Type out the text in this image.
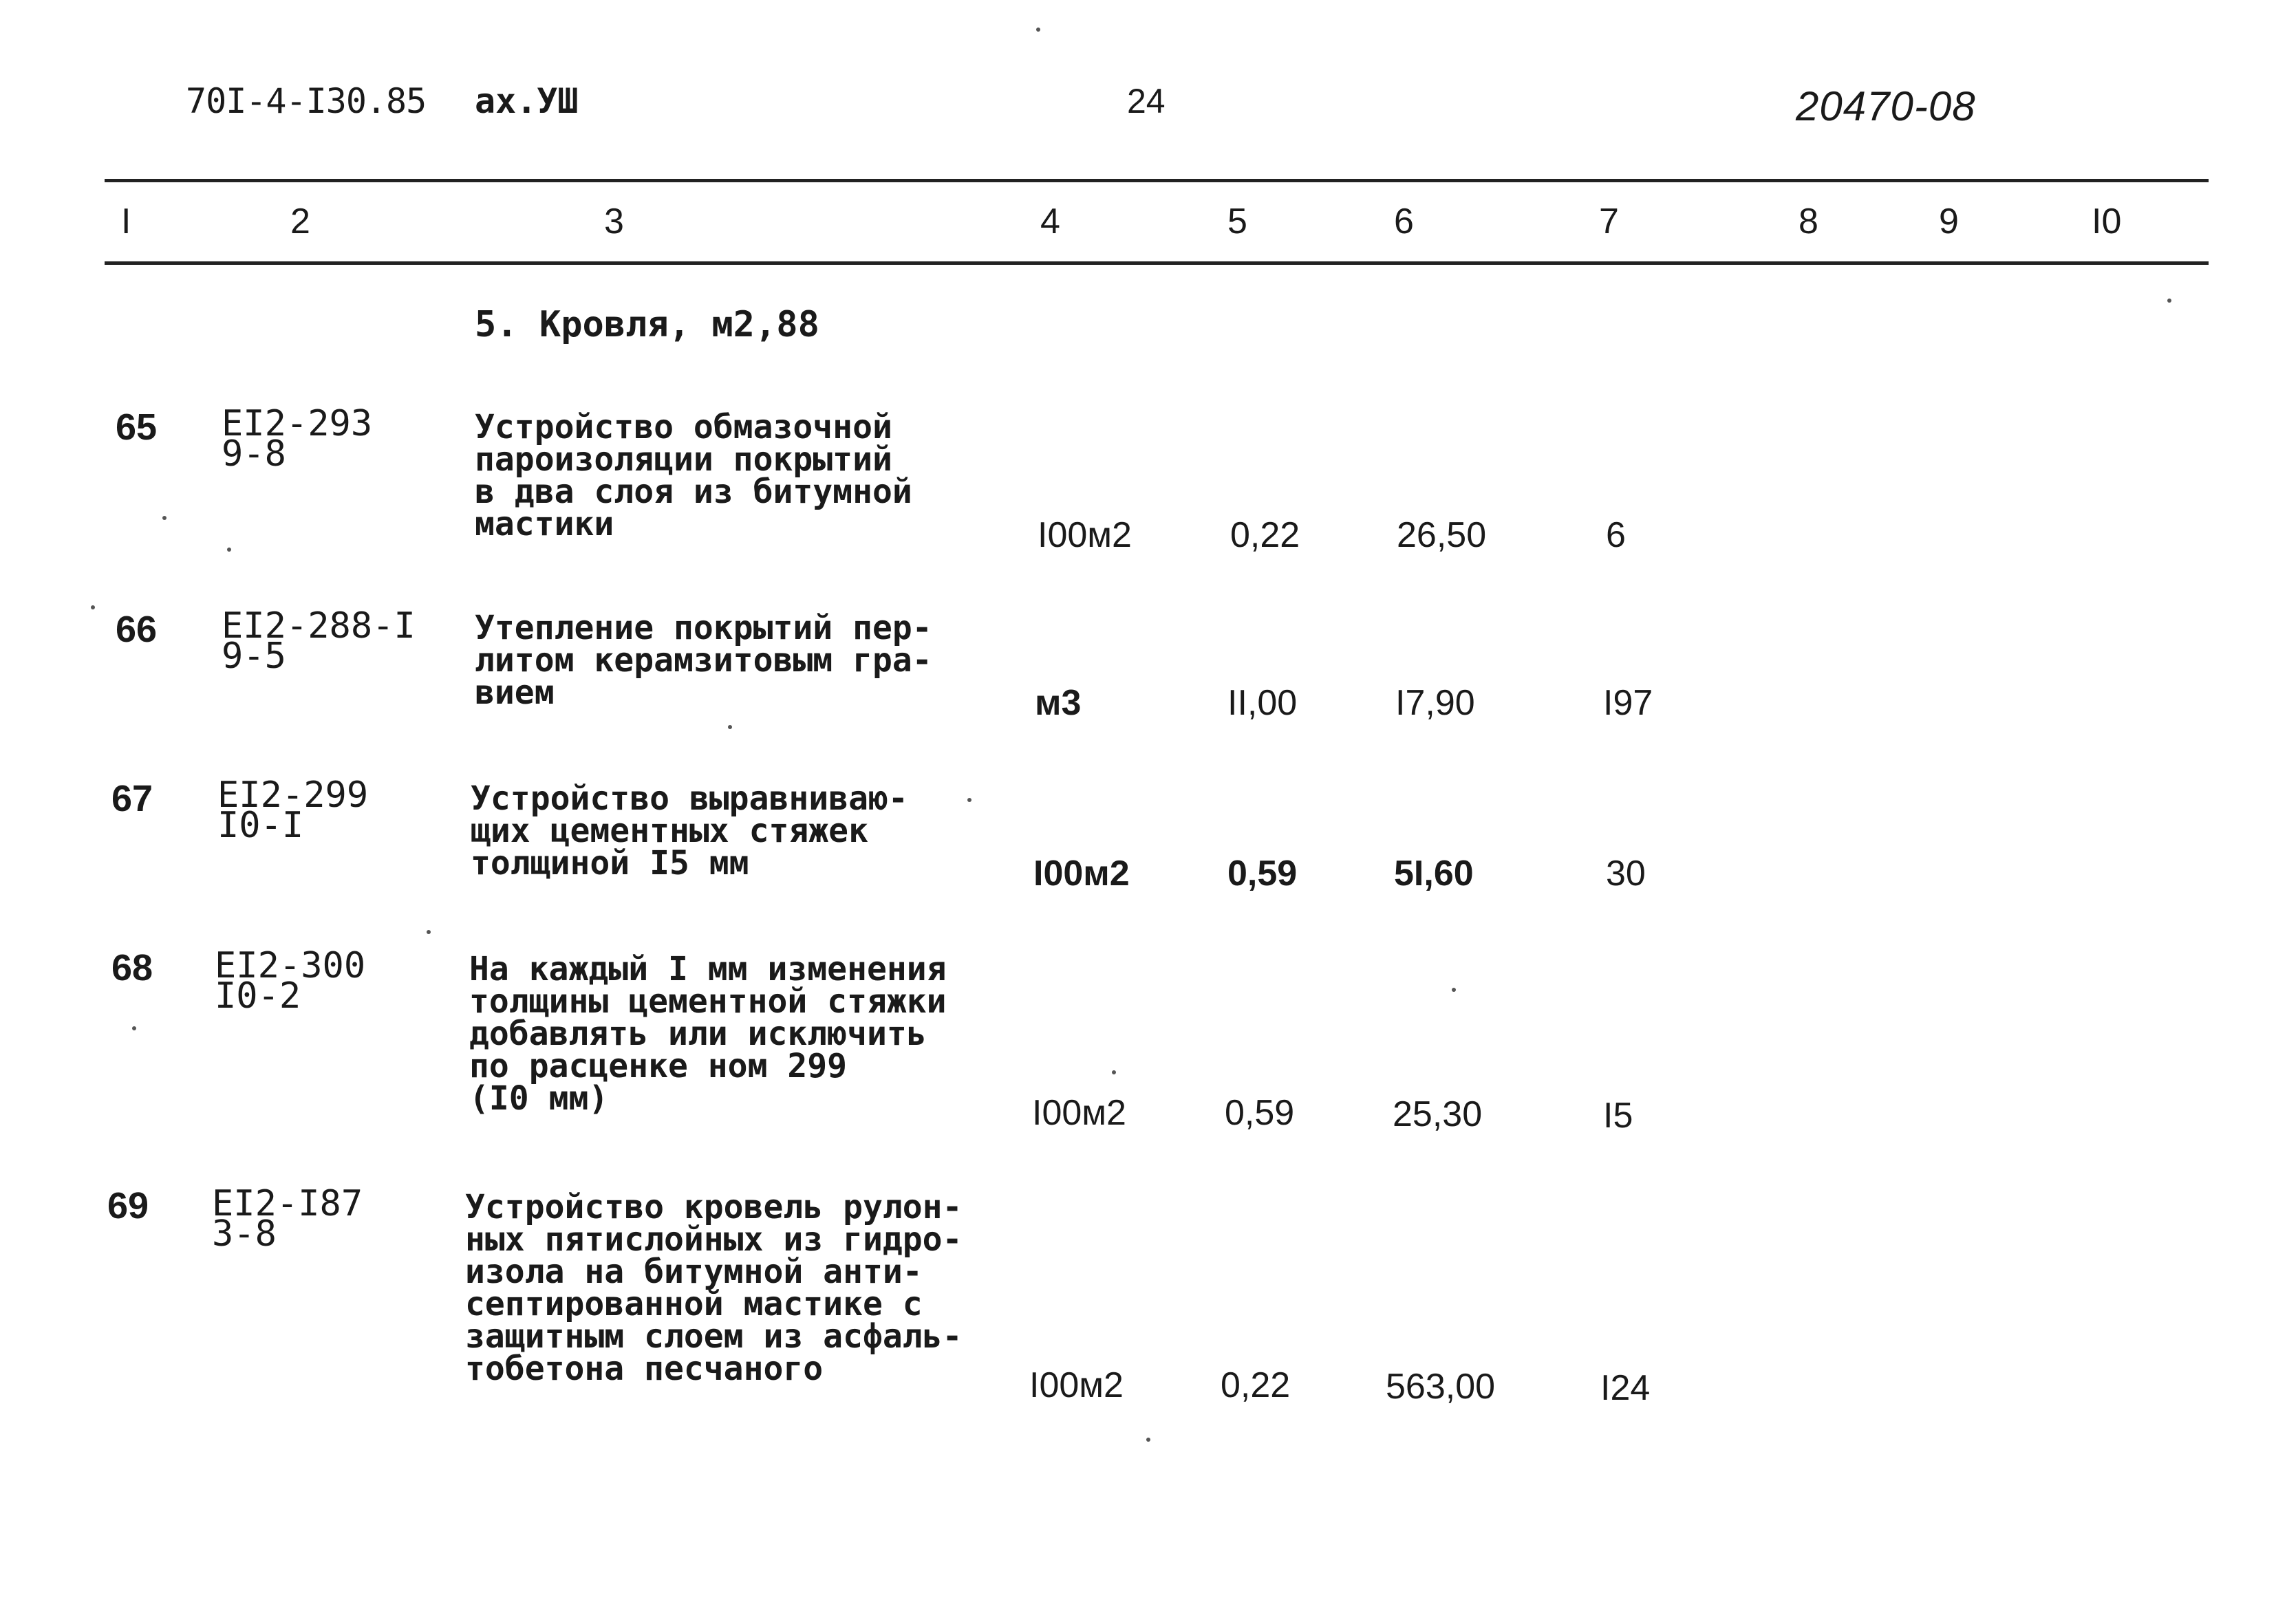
70I-4-I30.85 ах.УШ	24	20470-08
I	2	3	4	5	6	7	8	9	I0
5. Кровля, м2,88
65 EI2-293
9-8
Устройство обмазочной
пароизоляции покрытий
в два слоя из битумной
мастики	I00м2	0,22	26,50	6
66 EI2-288-I
9-5
Утепление покрытий пер-
литом керамзитовым гра-
вием	м3	II,00	I7,90	I97
67 EI2-299
I0-I
Устройство выравниваю-
щих цементных стяжек
толщиной I5 мм	I00м2	0,59	5I,60	30
68 EI2-300
I0-2
На каждый I мм изменения
толщины цементной стяжки
добавлять или исключить
по расценке ном 299
(I0 мм)	I00м2	0,59	25,30	I5
69 EI2-I87
3-8
Устройство кровель рулон-
ных пятислойных из гидро-
изола на битумной анти-
септированной мастике с
защитным слоем из асфаль-
тобетона песчаного	I00м2	0,22	563,00	I24
